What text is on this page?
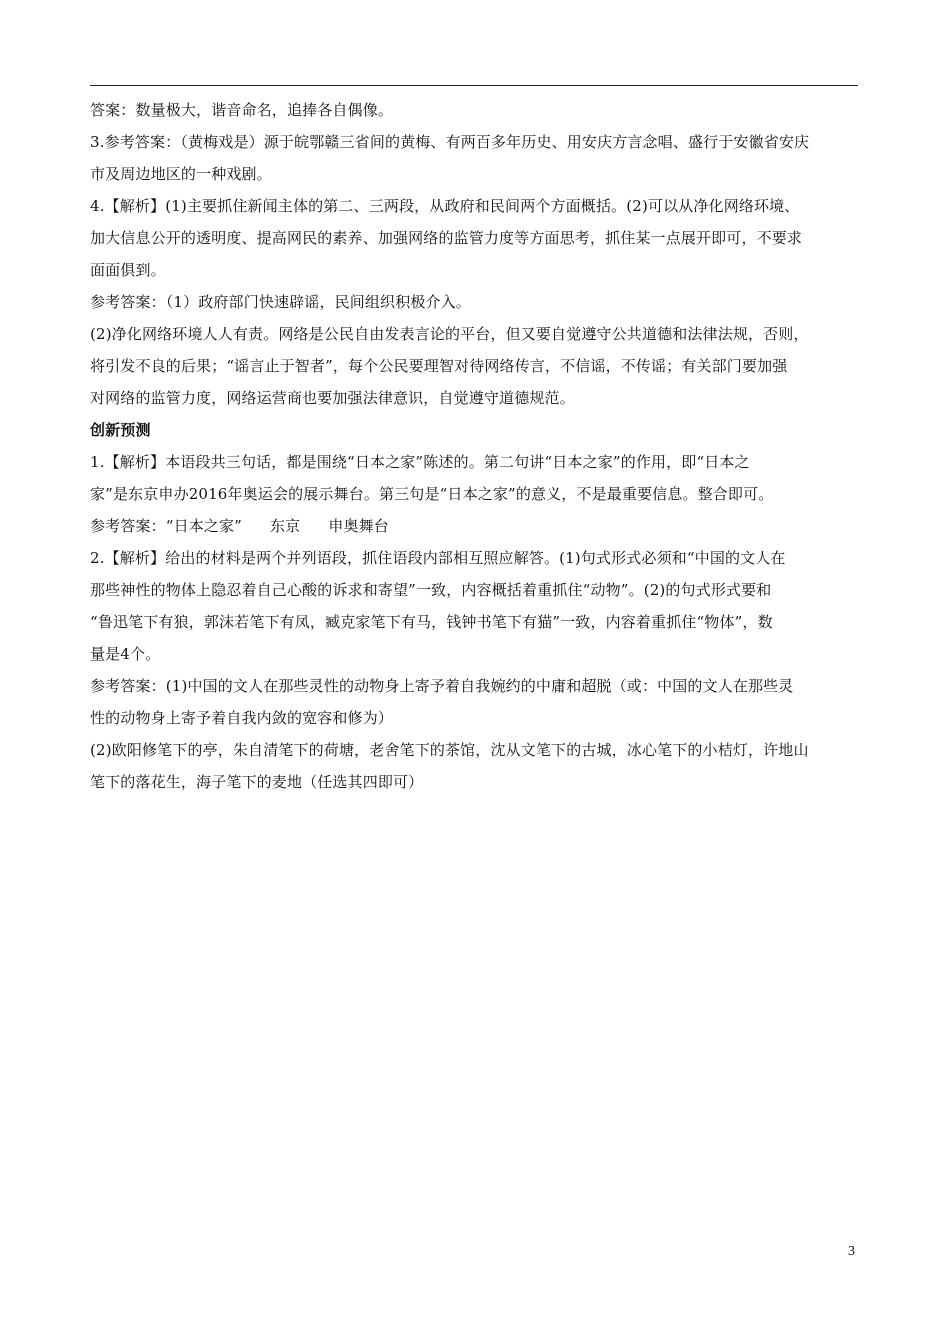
答案：数量极大，谐音命名，追捧各自偶像。

3.参考答案：（黄梅戏是）源于皖鄂赣三省间的黄梅、有两百多年历史、用安庆方言念唱、盛行于安徽省安庆

市及周边地区的一种戏剧。

4.【解析】(1)主要抓住新闻主体的第二、三两段，从政府和民间两个方面概括。(2)可以从净化网络环境、

加大信息公开的透明度、提高网民的素养、加强网络的监管力度等方面思考，抓住某一点展开即可，不要求

面面俱到。

参考答案：（1）政府部门快速辟谣，民间组织积极介入。

(2)净化网络环境人人有责。网络是公民自由发表言论的平台，但又要自觉遵守公共道德和法律法规，否则，

将引发不良的后果；“谣言止于智者”，每个公民要理智对待网络传言，不信谣，不传谣；有关部门要加强

对网络的监管力度，网络运营商也要加强法律意识，自觉遵守道德规范。

创新预测

1.【解析】本语段共三句话，都是围绕“日本之家”陈述的。第二句讲“日本之家”的作用，即“日本之

家”是东京申办2016年奥运会的展示舞台。第三句是“日本之家”的意义，不是最重要信息。整合即可。

参考答案：“日本之家” 东京 申奥舞台

2.【解析】给出的材料是两个并列语段，抓住语段内部相互照应解答。(1)句式形式必须和“中国的文人在

那些神性的物体上隐忍着自己心酸的诉求和寄望”一致，内容概括着重抓住“动物”。(2)的句式形式要和

“鲁迅笔下有狼，郭沫若笔下有凤，臧克家笔下有马，钱钟书笔下有猫”一致，内容着重抓住“物体”，数

量是4个。

参考答案：(1)中国的文人在那些灵性的动物身上寄予着自我婉约的中庸和超脱（或：中国的文人在那些灵

性的动物身上寄予着自我内敛的宽容和修为）

(2)欧阳修笔下的亭，朱自清笔下的荷塘，老舍笔下的茶馆，沈从文笔下的古城，冰心笔下的小桔灯，许地山

笔下的落花生，海子笔下的麦地（任选其四即可）

3
